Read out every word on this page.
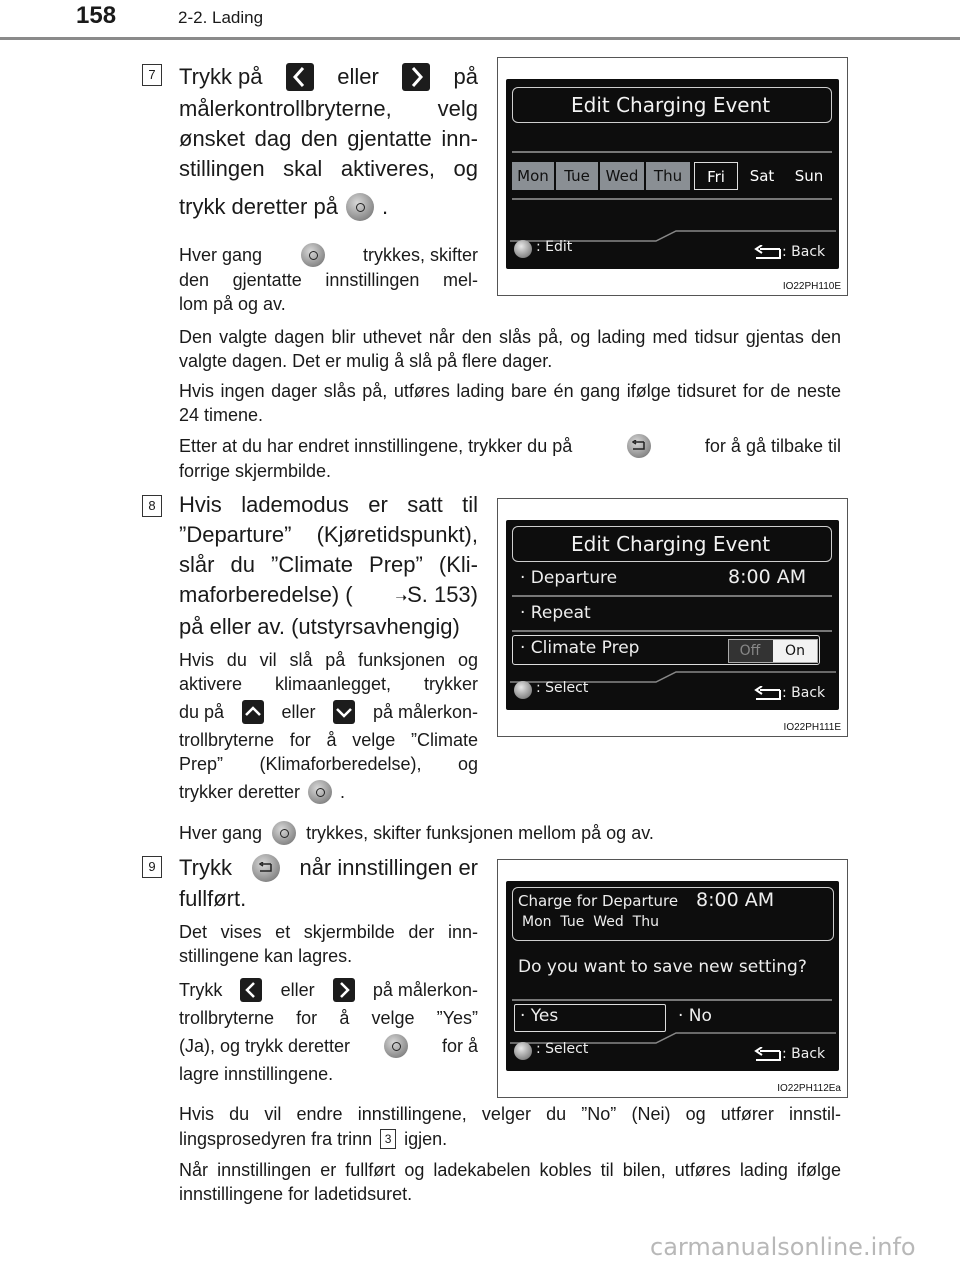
158	2-2. Lading
7 Trykk på	eller	på
målerkontrollbryterne, velg
ønsket dag den gjentatte inn-
stillingen skal aktiveres, og
trykk deretter på .
Hver gang	trykkes, skifter
den gjentatte innstillingen mel-
lom på og av.
Edit Charging Event
Mon	Tue	Wed	Thu	Fri	Sat	Sun
: Edit	: Back
IO22PH110E
Den valgte dagen blir uthevet når den slås på, og lading med tidsur gjentas den valgte dagen. Det er mulig å slå på flere dager.
Hvis ingen dager slås på, utføres lading bare én gang ifølge tidsuret for de neste 24 timene.
Etter at du har endret innstillingene, trykker du på	for å gå tilbake til
forrige skjermbilde.
8 Hvis lademodus er satt til
”Departure” (Kjøretidspunkt),
slår du ”Climate Prep” (Kli-
maforberedelse) (	➝S. 153)
på eller av. (utstyrsavhengig)
Hvis du vil slå på funksjonen og
aktivere klimaanlegget, trykker
du på	eller	på målerkon-
trollbryterne for å velge ”Climate
Prep” (Klimaforberedelse), og
trykker deretter .
Edit Charging Event
· Departure	8:00 AM
· Repeat
· Climate Prep	Off	On
: Select	: Back
IO22PH111E
Hver gang trykkes, skifter funksjonen mellom på og av.
9 Trykk	når innstillingen er
fullført.
Det vises et skjermbilde der inn-
stillingene kan lagres.
Trykk	eller	på målerkon-
trollbryterne for å velge ”Yes”
(Ja), og trykk deretter	for å
lagre innstillingene.
Charge for Departure 8:00 AM
Mon  Tue  Wed  Thu
Do you want to save new setting?
· Yes	· No
: Select	: Back
IO22PH112Ea
Hvis du vil endre innstillingene, velger du ”No” (Nei) og utfører innstil-
lingsprosedyren fra trinn	3 igjen.
Når innstillingen er fullført og ladekabelen kobles til bilen, utføres lading ifølge innstillingene for ladetidsuret.
carmanualsonline.info
